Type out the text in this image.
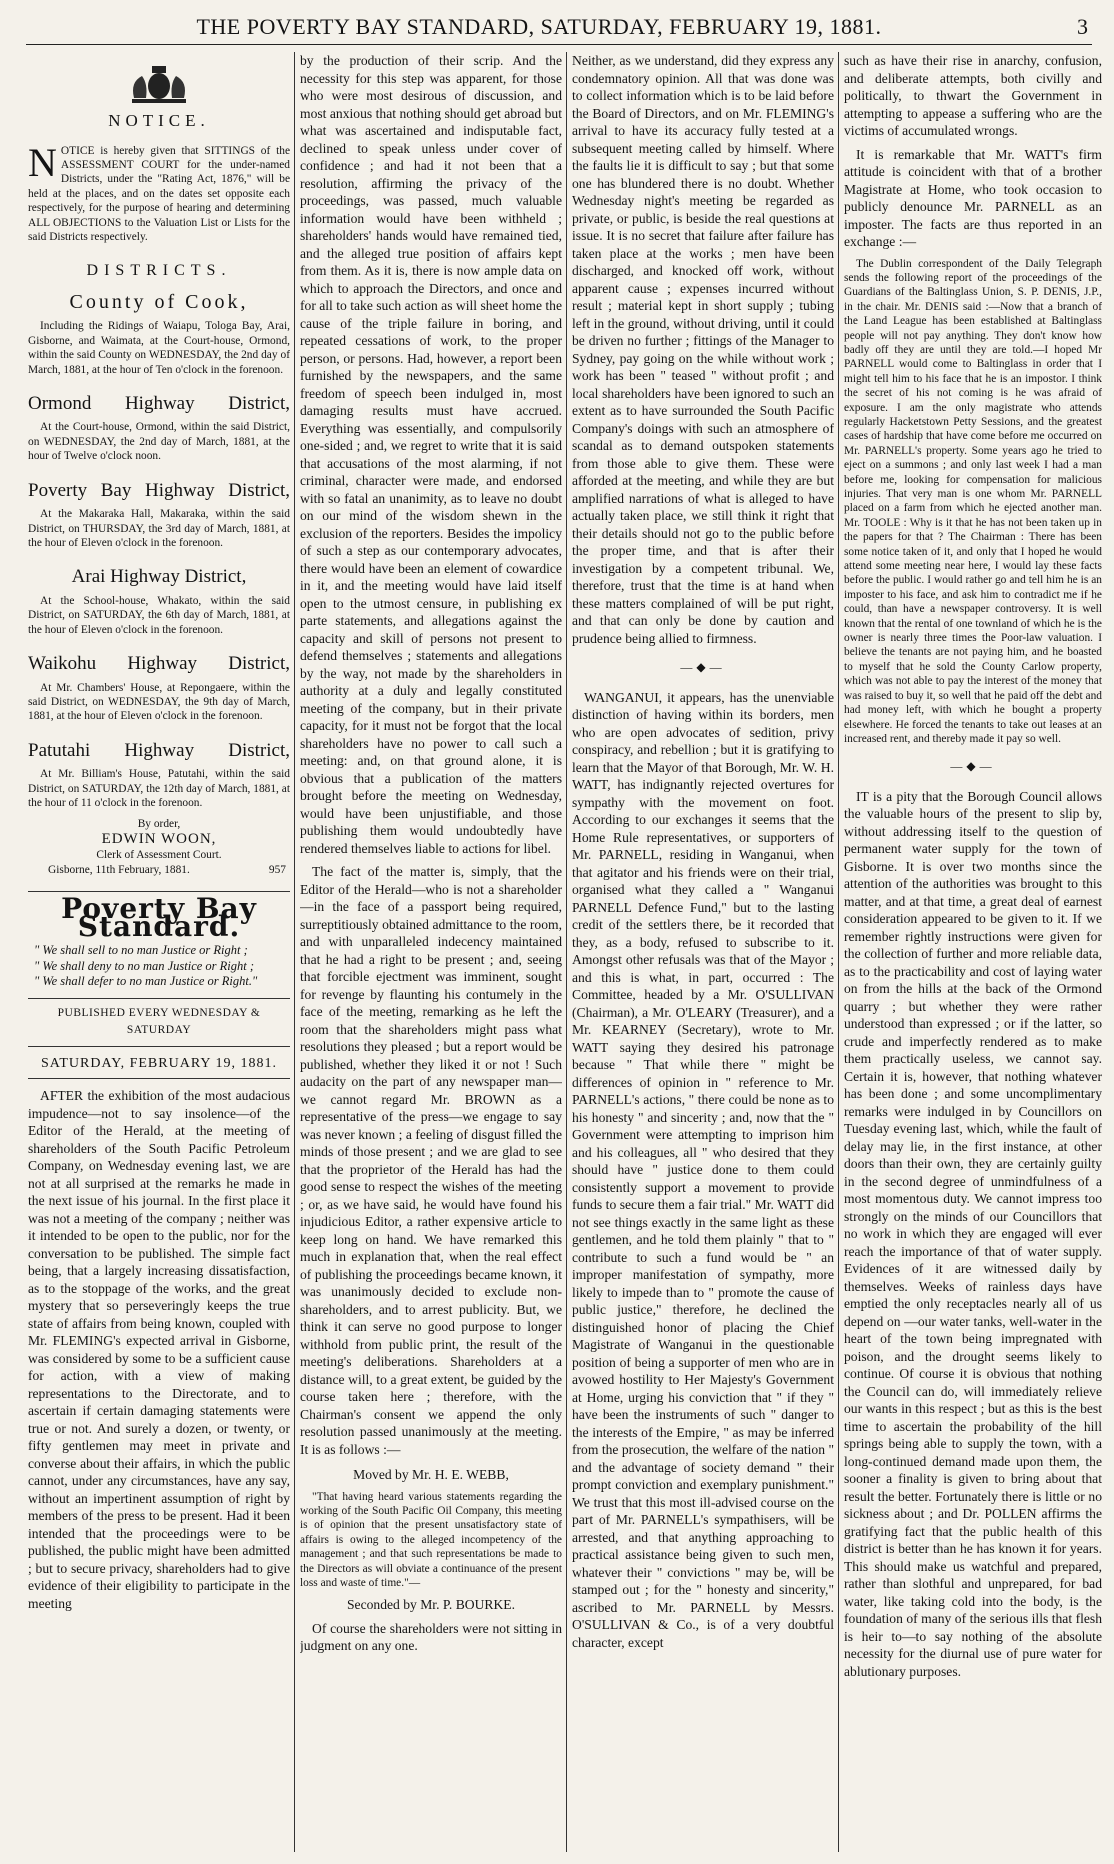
THE POVERTY BAY STANDARD, SATURDAY, FEBRUARY 19, 1881.	3
NOTICE.
NOTICE is hereby given that SITTINGS of the ASSESSMENT COURT for the under-named Districts, under the "Rating Act, 1876," will be held at the places, and on the dates set opposite each respectively, for the purpose of hearing and determining ALL OBJECTIONS to the Valuation List or Lists for the said Districts respectively.
DISTRICTS.
County of Cook,

Including the Ridings of Waiapu, Tologa Bay, Arai, Gisborne, and Waimata, at the Court-house, Ormond, within the said County on WEDNESDAY, the 2nd day of March, 1881, at the hour of Ten o'clock in the forenoon.

Ormond Highway District,

At the Court-house, Ormond, within the said District, on WEDNESDAY, the 2nd day of March, 1881, at the hour of Twelve o'clock noon.

Poverty Bay Highway District,

At the Makaraka Hall, Makaraka, within the said District, on THURSDAY, the 3rd day of March, 1881, at the hour of Eleven o'clock in the forenoon.

Arai Highway District,

At the School-house, Whakato, within the said District, on SATURDAY, the 6th day of March, 1881, at the hour of Eleven o'clock in the forenoon.

Waikohu Highway District,

At Mr. Chambers' House, at Repongaere, within the said District, on WEDNESDAY, the 9th day of March, 1881, at the hour of Eleven o'clock in the forenoon.

Patutahi Highway District,

At Mr. Billiam's House, Patutahi, within the said District, on SATURDAY, the 12th day of March, 1881, at the hour of 11 o'clock in the forenoon.

By order,
EDWIN WOON,
Clerk of Assessment Court.
Gisborne, 11th February, 1881.	957
Poverty Bay Standard.
" We shall sell to no man Justice or Right ;
" We shall deny to no man Justice or Right ;
" We shall defer to no man Justice or Right."
PUBLISHED EVERY WEDNESDAY & SATURDAY
SATURDAY, FEBRUARY 19, 1881.

AFTER the exhibition of the most audacious impudence—not to say insolence—of the Editor of the Herald, at the meeting of shareholders of the South Pacific Petroleum Company, on Wednesday evening last, we are not at all surprised at the remarks he made in the next issue of his journal. In the first place it was not a meeting of the company ; neither was it intended to be open to the public, nor for the conversation to be published. The simple fact being, that a largely increasing dissatisfaction, as to the stoppage of the works, and the great mystery that so perseveringly keeps the true state of affairs from being known, coupled with Mr. FLEMING's expected arrival in Gisborne, was considered by some to be a sufficient cause for action, with a view of making representations to the Directorate, and to ascertain if certain damaging statements were true or not. And surely a dozen, or twenty, or fifty gentlemen may meet in private and converse about their affairs, in which the public cannot, under any circumstances, have any say, without an impertinent assumption of right by members of the press to be present. Had it been intended that the proceedings were to be published, the public might have been admitted ; but to secure privacy, shareholders had to give evidence of their eligibility to participate in the meeting

by the production of their scrip. And the necessity for this step was apparent, for those who were most desirous of discussion, and most anxious that nothing should get abroad but what was ascertained and indisputable fact, declined to speak unless under cover of confidence ; and had it not been that a resolution, affirming the privacy of the proceedings, was passed, much valuable information would have been withheld ; shareholders' hands would have remained tied, and the alleged true position of affairs kept from them. As it is, there is now ample data on which to approach the Directors, and once and for all to take such action as will sheet home the cause of the triple failure in boring, and repeated cessations of work, to the proper person, or persons. Had, however, a report been furnished by the newspapers, and the same freedom of speech been indulged in, most damaging results must have accrued. Everything was essentially, and compulsorily one-sided ; and, we regret to write that it is said that accusations of the most alarming, if not criminal, character were made, and endorsed with so fatal an unanimity, as to leave no doubt on our mind of the wisdom shewn in the exclusion of the reporters. Besides the impolicy of such a step as our contemporary advocates, there would have been an element of cowardice in it, and the meeting would have laid itself open to the utmost censure, in publishing ex parte statements, and allegations against the capacity and skill of persons not present to defend themselves ; statements and allegations by the way, not made by the shareholders in authority at a duly and legally constituted meeting of the company, but in their private capacity, for it must not be forgot that the local shareholders have no power to call such a meeting: and, on that ground alone, it is obvious that a publication of the matters brought before the meeting on Wednesday, would have been unjustifiable, and those publishing them would undoubtedly have rendered themselves liable to actions for libel.

The fact of the matter is, simply, that the Editor of the Herald—who is not a shareholder—in the face of a passport being required, surreptitiously obtained admittance to the room, and with unparalleled indecency maintained that he had a right to be present ; and, seeing that forcible ejectment was imminent, sought for revenge by flaunting his contumely in the face of the meeting, remarking as he left the room that the shareholders might pass what resolutions they pleased ; but a report would be published, whether they liked it or not ! Such audacity on the part of any newspaper man—we cannot regard Mr. BROWN as a representative of the press—we engage to say was never known ; a feeling of disgust filled the minds of those present ; and we are glad to see that the proprietor of the Herald has had the good sense to respect the wishes of the meeting ; or, as we have said, he would have found his injudicious Editor, a rather expensive article to keep long on hand. We have remarked this much in explanation that, when the real effect of publishing the proceedings became known, it was unanimously decided to exclude non-shareholders, and to arrest publicity. But, we think it can serve no good purpose to longer withhold from public print, the result of the meeting's deliberations. Shareholders at a distance will, to a great extent, be guided by the course taken here ; therefore, with the Chairman's consent we append the only resolution passed unanimously at the meeting. It is as follows :—

Moved by Mr. H. E. WEBB,

"That having heard various statements regarding the working of the South Pacific Oil Company, this meeting is of opinion that the present unsatisfactory state of affairs is owing to the alleged incompetency of the management ; and that such representations be made to the Directors as will obviate a continuance of the present loss and waste of time."—

Seconded by Mr. P. BOURKE.

Of course the shareholders were not sitting in judgment on any one.

Neither, as we understand, did they express any condemnatory opinion. All that was done was to collect information which is to be laid before the Board of Directors, and on Mr. FLEMING's arrival to have its accuracy fully tested at a subsequent meeting called by himself. Where the faults lie it is difficult to say ; but that some one has blundered there is no doubt. Whether Wednesday night's meeting be regarded as private, or public, is beside the real questions at issue. It is no secret that failure after failure has taken place at the works ; men have been discharged, and knocked off work, without apparent cause ; expenses incurred without result ; material kept in short supply ; tubing left in the ground, without driving, until it could be driven no further ; fittings of the Manager to Sydney, pay going on the while without work ; work has been " teased " without profit ; and local shareholders have been ignored to such an extent as to have surrounded the South Pacific Company's doings with such an atmosphere of scandal as to demand outspoken statements from those able to give them. These were afforded at the meeting, and while they are but amplified narrations of what is alleged to have actually taken place, we still think it right that their details should not go to the public before the proper time, and that is after their investigation by a competent tribunal. We, therefore, trust that the time is at hand when these matters complained of will be put right, and that can only be done by caution and prudence being allied to firmness.

—◆—

WANGANUI, it appears, has the unenviable distinction of having within its borders, men who are open advocates of sedition, privy conspiracy, and rebellion ; but it is gratifying to learn that the Mayor of that Borough, Mr. W. H. WATT, has indignantly rejected overtures for sympathy with the movement on foot. According to our exchanges it seems that the Home Rule representatives, or supporters of Mr. PARNELL, residing in Wanganui, when that agitator and his friends were on their trial, organised what they called a " Wanganui PARNELL Defence Fund," but to the lasting credit of the settlers there, be it recorded that they, as a body, refused to subscribe to it. Amongst other refusals was that of the Mayor ; and this is what, in part, occurred : The Committee, headed by a Mr. O'SULLIVAN (Chairman), a Mr. O'LEARY (Treasurer), and a Mr. KEARNEY (Secretary), wrote to Mr. WATT saying they desired his patronage because " That while there " might be differences of opinion in " reference to Mr. PARNELL's actions, " there could be none as to his honesty " and sincerity ; and, now that the " Government were attempting to imprison him and his colleagues, all " who desired that they should have " justice done to them could consistently support a movement to provide funds to secure them a fair trial." Mr. WATT did not see things exactly in the same light as these gentlemen, and he told them plainly " that to " contribute to such a fund would be " an improper manifestation of sympathy, more likely to impede than to " promote the cause of public justice," therefore, he declined the distinguished honor of placing the Chief Magistrate of Wanganui in the questionable position of being a supporter of men who are in avowed hostility to Her Majesty's Government at Home, urging his conviction that " if they " have been the instruments of such " danger to the interests of the Empire, " as may be inferred from the prosecution, the welfare of the nation " and the advantage of society demand " their prompt conviction and exemplary punishment." We trust that this most ill-advised course on the part of Mr. PARNELL's sympathisers, will be arrested, and that anything approaching to practical assistance being given to such men, whatever their " convictions " may be, will be stamped out ; for the " honesty and sincerity," ascribed to Mr. PARNELL by Messrs. O'SULLIVAN & Co., is of a very doubtful character, except

such as have their rise in anarchy, confusion, and deliberate attempts, both civilly and politically, to thwart the Government in attempting to appease a suffering who are the victims of accumulated wrongs.

It is remarkable that Mr. WATT's firm attitude is coincident with that of a brother Magistrate at Home, who took occasion to publicly denounce Mr. PARNELL as an imposter. The facts are thus reported in an exchange :—

The Dublin correspondent of the Daily Telegraph sends the following report of the proceedings of the Guardians of the Baltinglass Union, S. P. DENIS, J.P., in the chair. Mr. DENIS said :—Now that a branch of the Land League has been established at Baltinglass people will not pay anything. They don't know how badly off they are until they are told.—I hoped Mr PARNELL would come to Baltinglass in order that I might tell him to his face that he is an impostor. I think the secret of his not coming is he was afraid of exposure. I am the only magistrate who attends regularly Hacketstown Petty Sessions, and the greatest cases of hardship that have come before me occurred on Mr. PARNELL's property. Some years ago he tried to eject on a summons ; and only last week I had a man before me, looking for compensation for malicious injuries. That very man is one whom Mr. PARNELL placed on a farm from which he ejected another man. Mr. TOOLE : Why is it that he has not been taken up in the papers for that ? The Chairman : There has been some notice taken of it, and only that I hoped he would attend some meeting near here, I would lay these facts before the public. I would rather go and tell him he is an imposter to his face, and ask him to contradict me if he could, than have a newspaper controversy. It is well known that the rental of one townland of which he is the owner is nearly three times the Poor-law valuation. I believe the tenants are not paying him, and he boasted to myself that he sold the County Carlow property, which was not able to pay the interest of the money that was raised to buy it, so well that he paid off the debt and had money left, with which he bought a property elsewhere. He forced the tenants to take out leases at an increased rent, and thereby made it pay so well.

—◆—

IT is a pity that the Borough Council allows the valuable hours of the present to slip by, without addressing itself to the question of permanent water supply for the town of Gisborne. It is over two months since the attention of the authorities was brought to this matter, and at that time, a great deal of earnest consideration appeared to be given to it. If we remember rightly instructions were given for the collection of further and more reliable data, as to the practicability and cost of laying water on from the hills at the back of the Ormond quarry ; but whether they were rather understood than expressed ; or if the latter, so crude and imperfectly rendered as to make them practically useless, we cannot say. Certain it is, however, that nothing whatever has been done ; and some uncomplimentary remarks were indulged in by Councillors on Tuesday evening last, which, while the fault of delay may lie, in the first instance, at other doors than their own, they are certainly guilty in the second degree of unmindfulness of a most momentous duty. We cannot impress too strongly on the minds of our Councillors that no work in which they are engaged will ever reach the importance of that of water supply. Evidences of it are witnessed daily by themselves. Weeks of rainless days have emptied the only receptacles nearly all of us depend on —our water tanks, well-water in the heart of the town being impregnated with poison, and the drought seems likely to continue. Of course it is obvious that nothing the Council can do, will immediately relieve our wants in this respect ; but as this is the best time to ascertain the probability of the hill springs being able to supply the town, with a long-continued demand made upon them, the sooner a finality is given to bring about that result the better. Fortunately there is little or no sickness about ; and Dr. POLLEN affirms the gratifying fact that the public health of this district is better than he has known it for years. This should make us watchful and prepared, rather than slothful and unprepared, for bad water, like taking cold into the body, is the foundation of many of the serious ills that flesh is heir to—to say nothing of the absolute necessity for the diurnal use of pure water for ablutionary purposes.
